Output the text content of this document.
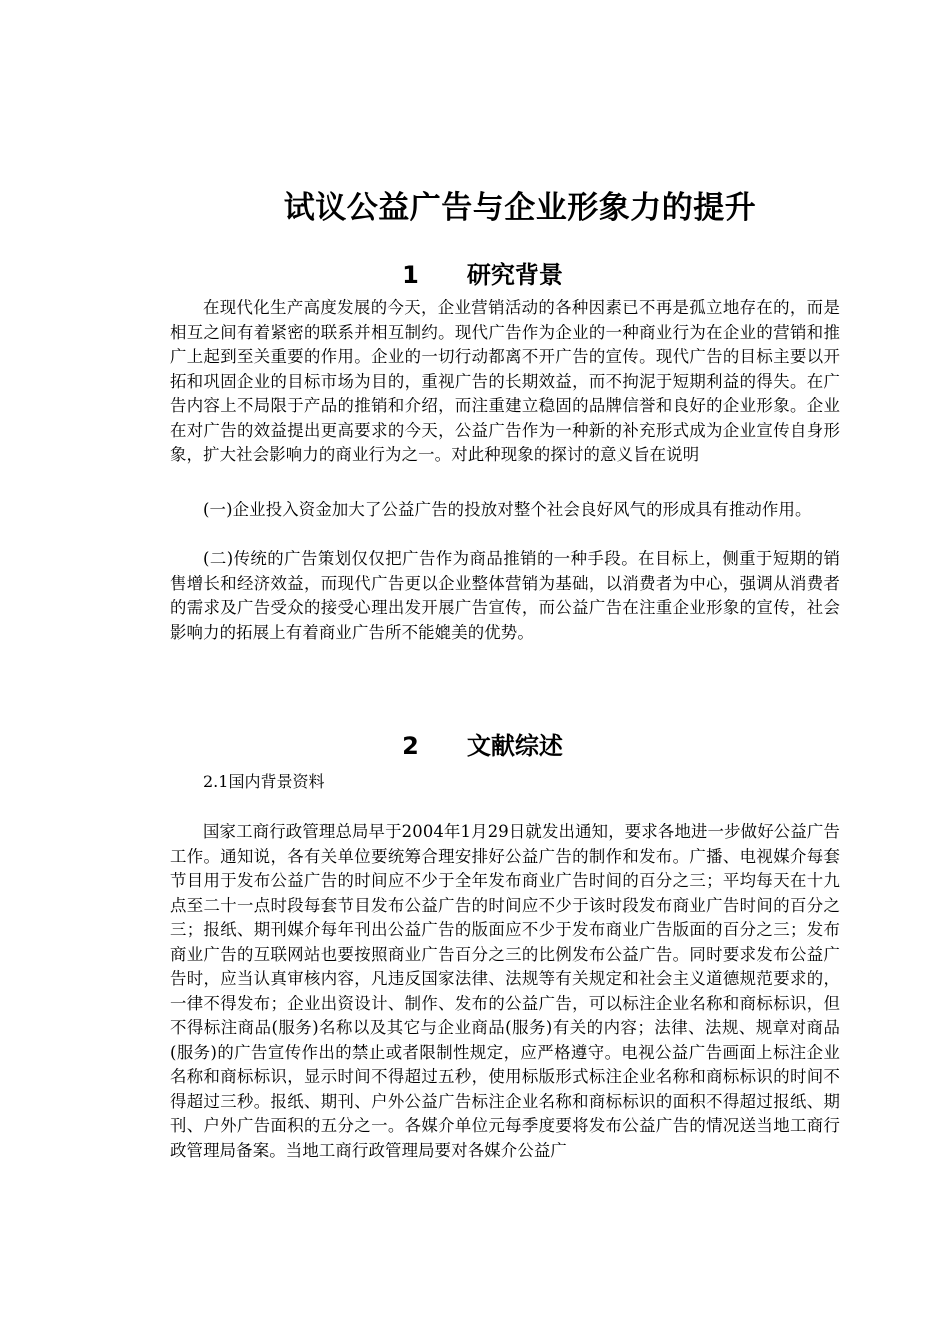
试议公益广告与企业形象力的提升
1 研究背景

在现代化生产高度发展的今天，企业营销活动的各种因素已不再是孤立地存在的，而是相互之间有着紧密的联系并相互制约。现代广告作为企业的一种商业行为在企业的营销和推广上起到至关重要的作用。企业的一切行动都离不开广告的宣传。现代广告的目标主要以开拓和巩固企业的目标市场为目的，重视广告的长期效益，而不拘泥于短期利益的得失。在广告内容上不局限于产品的推销和介绍，而注重建立稳固的品牌信誉和良好的企业形象。企业在对广告的效益提出更高要求的今天，公益广告作为一种新的补充形式成为企业宣传自身形象，扩大社会影响力的商业行为之一。对此种现象的探讨的意义旨在说明

(一)企业投入资金加大了公益广告的投放对整个社会良好风气的形成具有推动作用。

(二)传统的广告策划仅仅把广告作为商品推销的一种手段。在目标上，侧重于短期的销售增长和经济效益，而现代广告更以企业整体营销为基础，以消费者为中心，强调从消费者的需求及广告受众的接受心理出发开展广告宣传，而公益广告在注重企业形象的宣传，社会影响力的拓展上有着商业广告所不能媲美的优势。

2 文献综述

2.1国内背景资料

国家工商行政管理总局早于2004年1月29日就发出通知，要求各地进一步做好公益广告工作。通知说，各有关单位要统筹合理安排好公益广告的制作和发布。广播、电视媒介每套节目用于发布公益广告的时间应不少于全年发布商业广告时间的百分之三；平均每天在十九点至二十一点时段每套节目发布公益广告的时间应不少于该时段发布商业广告时间的百分之三；报纸、期刊媒介每年刊出公益广告的版面应不少于发布商业广告版面的百分之三；发布商业广告的互联网站也要按照商业广告百分之三的比例发布公益广告。同时要求发布公益广告时，应当认真审核内容，凡违反国家法律、法规等有关规定和社会主义道德规范要求的，一律不得发布；企业出资设计、制作、发布的公益广告，可以标注企业名称和商标标识，但不得标注商品(服务)名称以及其它与企业商品(服务)有关的内容；法律、法规、规章对商品(服务)的广告宣传作出的禁止或者限制性规定，应严格遵守。电视公益广告画面上标注企业名称和商标标识，显示时间不得超过五秒，使用标版形式标注企业名称和商标标识的时间不得超过三秒。报纸、期刊、户外公益广告标注企业名称和商标标识的面积不得超过报纸、期刊、户外广告面积的五分之一。各媒介单位元每季度要将发布公益广告的情况送当地工商行政管理局备案。当地工商行政管理局要对各媒介公益广
